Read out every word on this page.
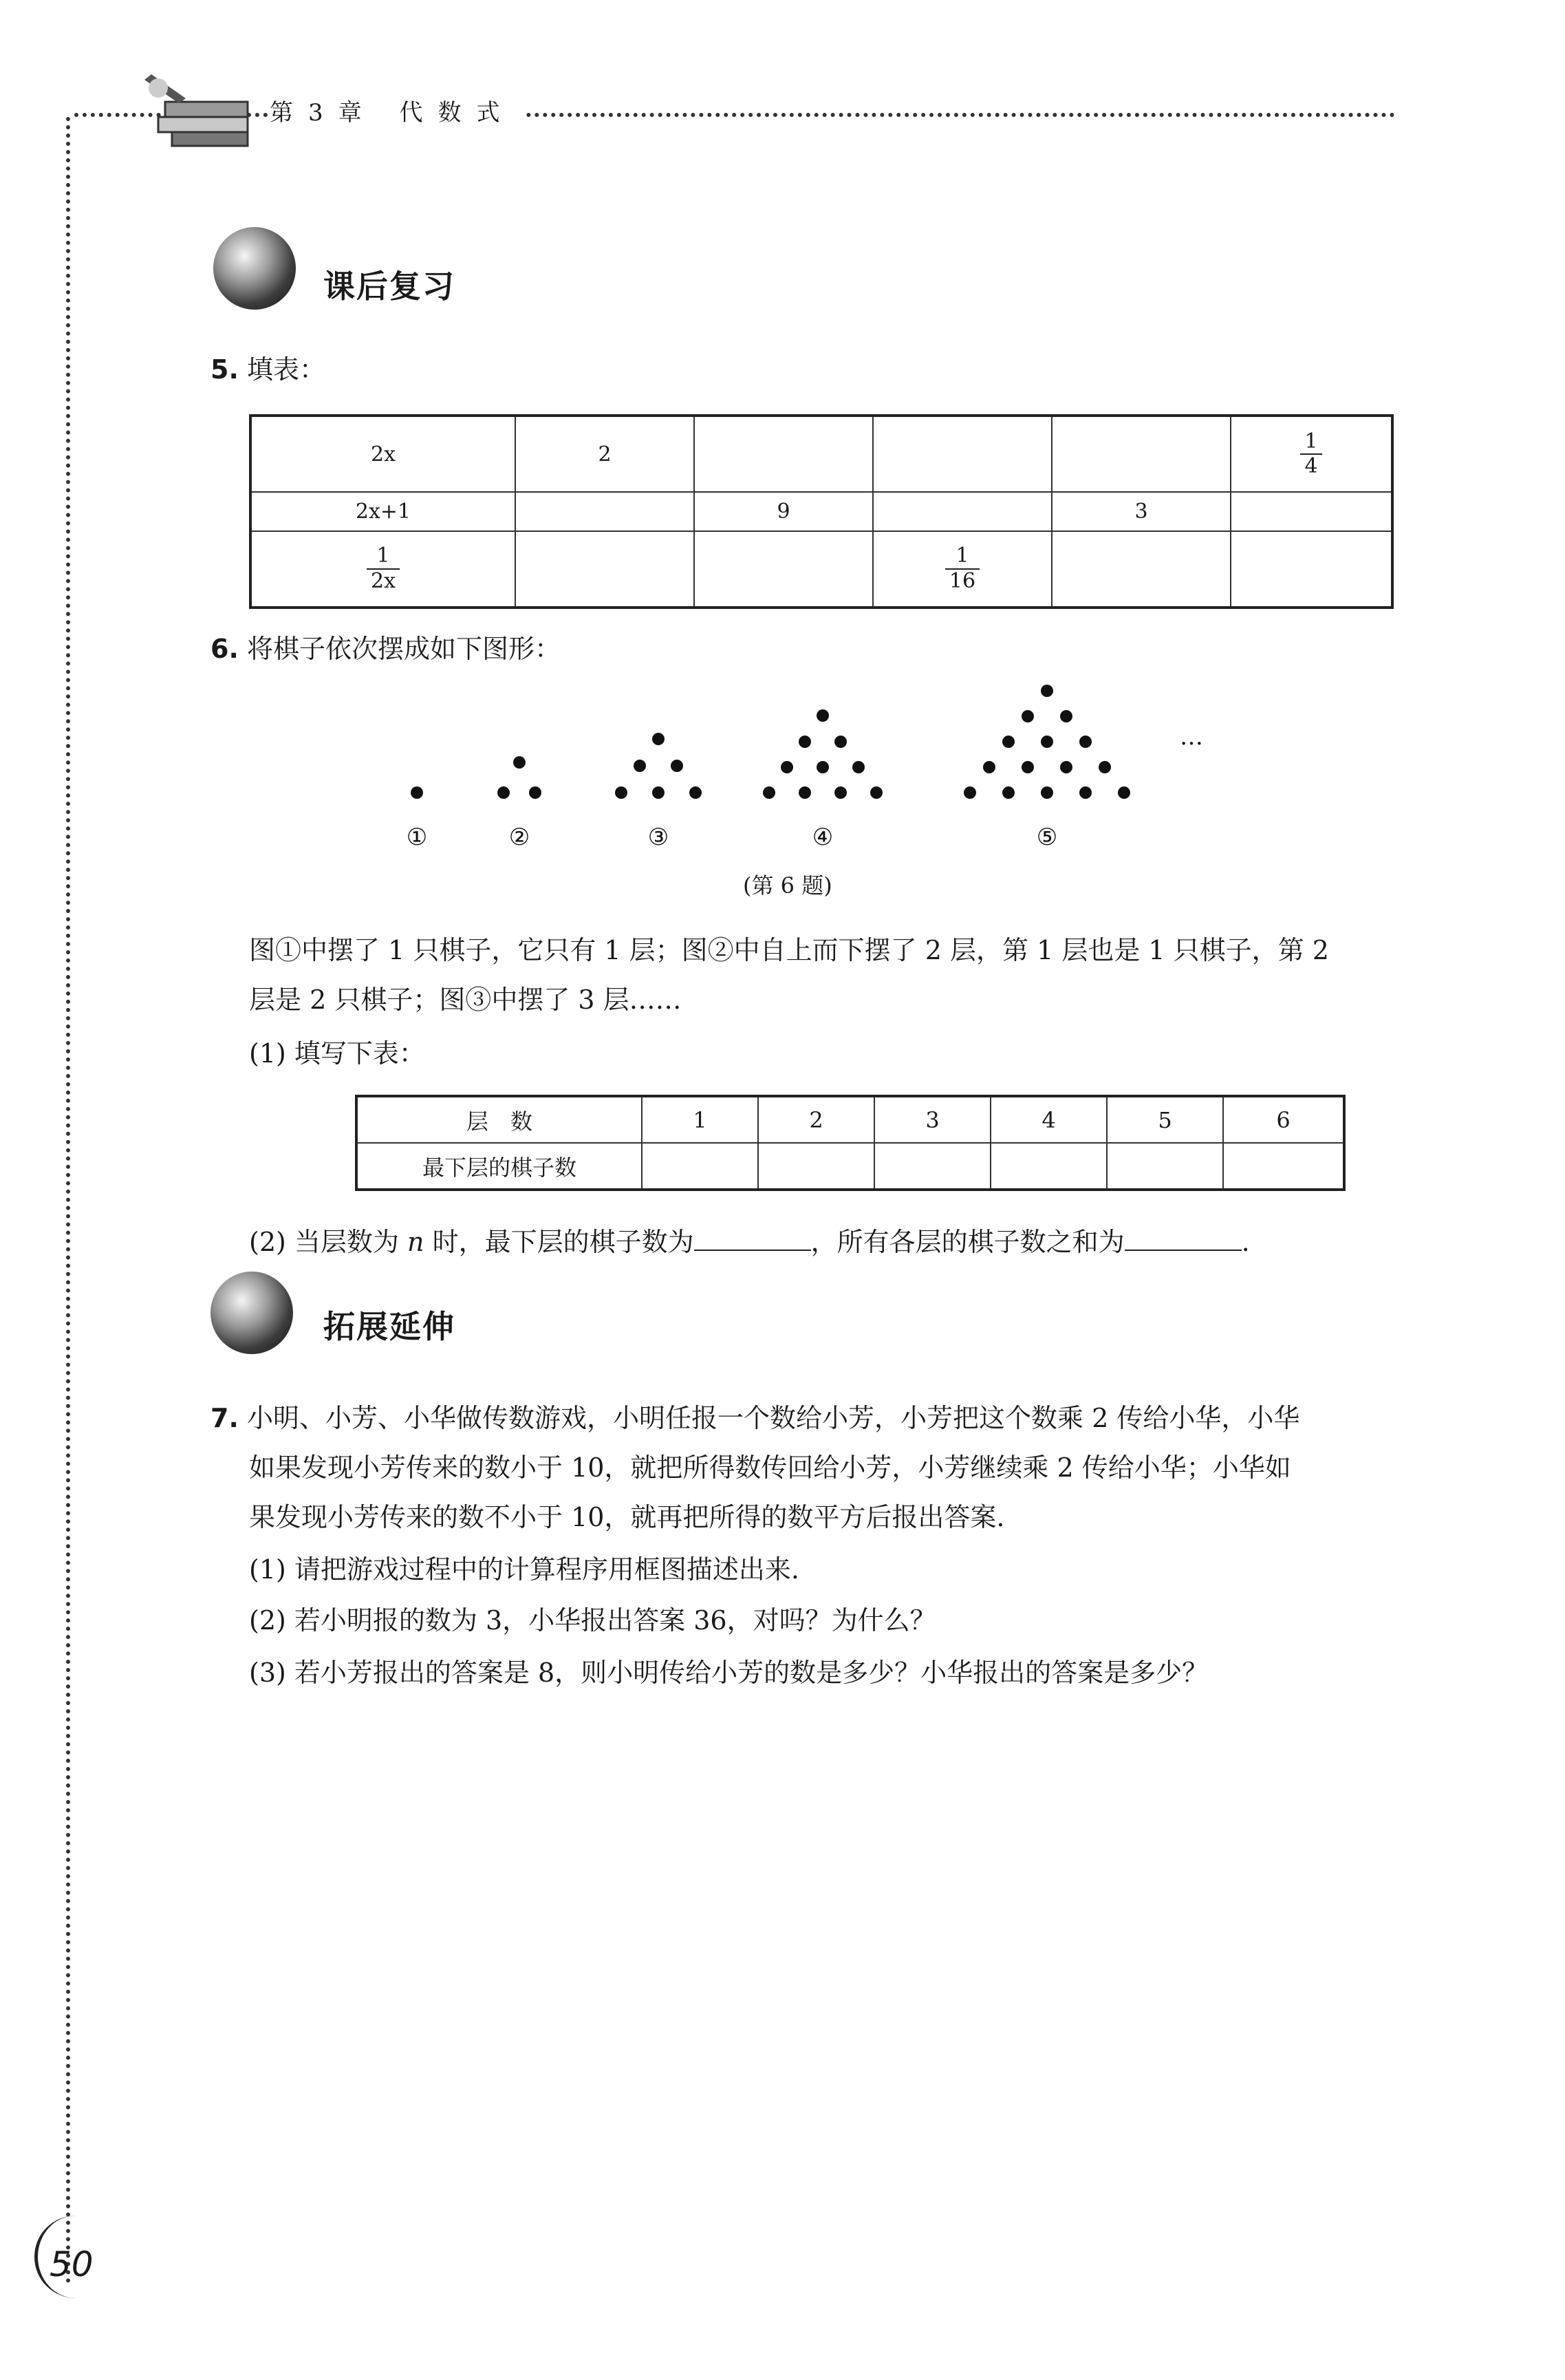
第3章 代数式
课后复习
5. 填表：
2x	2				$\frac{1}{4}$

2x+1		9		3	

$\frac{1}{2x}$			$\frac{1}{16}$

6. 将棋子依次摆成如下图形：
①	②	③	④	⑤
…
(第 6 题)
图①中摆了 1 只棋子，它只有 1 层；图②中自上而下摆了 2 层，第 1 层也是 1 只棋子，第 2
层是 2 只棋子；图③中摆了 3 层……
(1) 填写下表：
层　数	1	2	3	4	5	6
最下层的棋子数						
(2) 当层数为 n 时，最下层的棋子数为	，所有各层的棋子数之和为	.
拓展延伸
7. 小明、小芳、小华做传数游戏，小明任报一个数给小芳，小芳把这个数乘 2 传给小华，小华
如果发现小芳传来的数小于 10，就把所得数传回给小芳，小芳继续乘 2 传给小华；小华如
果发现小芳传来的数不小于 10，就再把所得的数平方后报出答案.
(1) 请把游戏过程中的计算程序用框图描述出来.
(2) 若小明报的数为 3，小华报出答案 36，对吗？为什么？
(3) 若小芳报出的答案是 8，则小明传给小芳的数是多少？小华报出的答案是多少？
50
